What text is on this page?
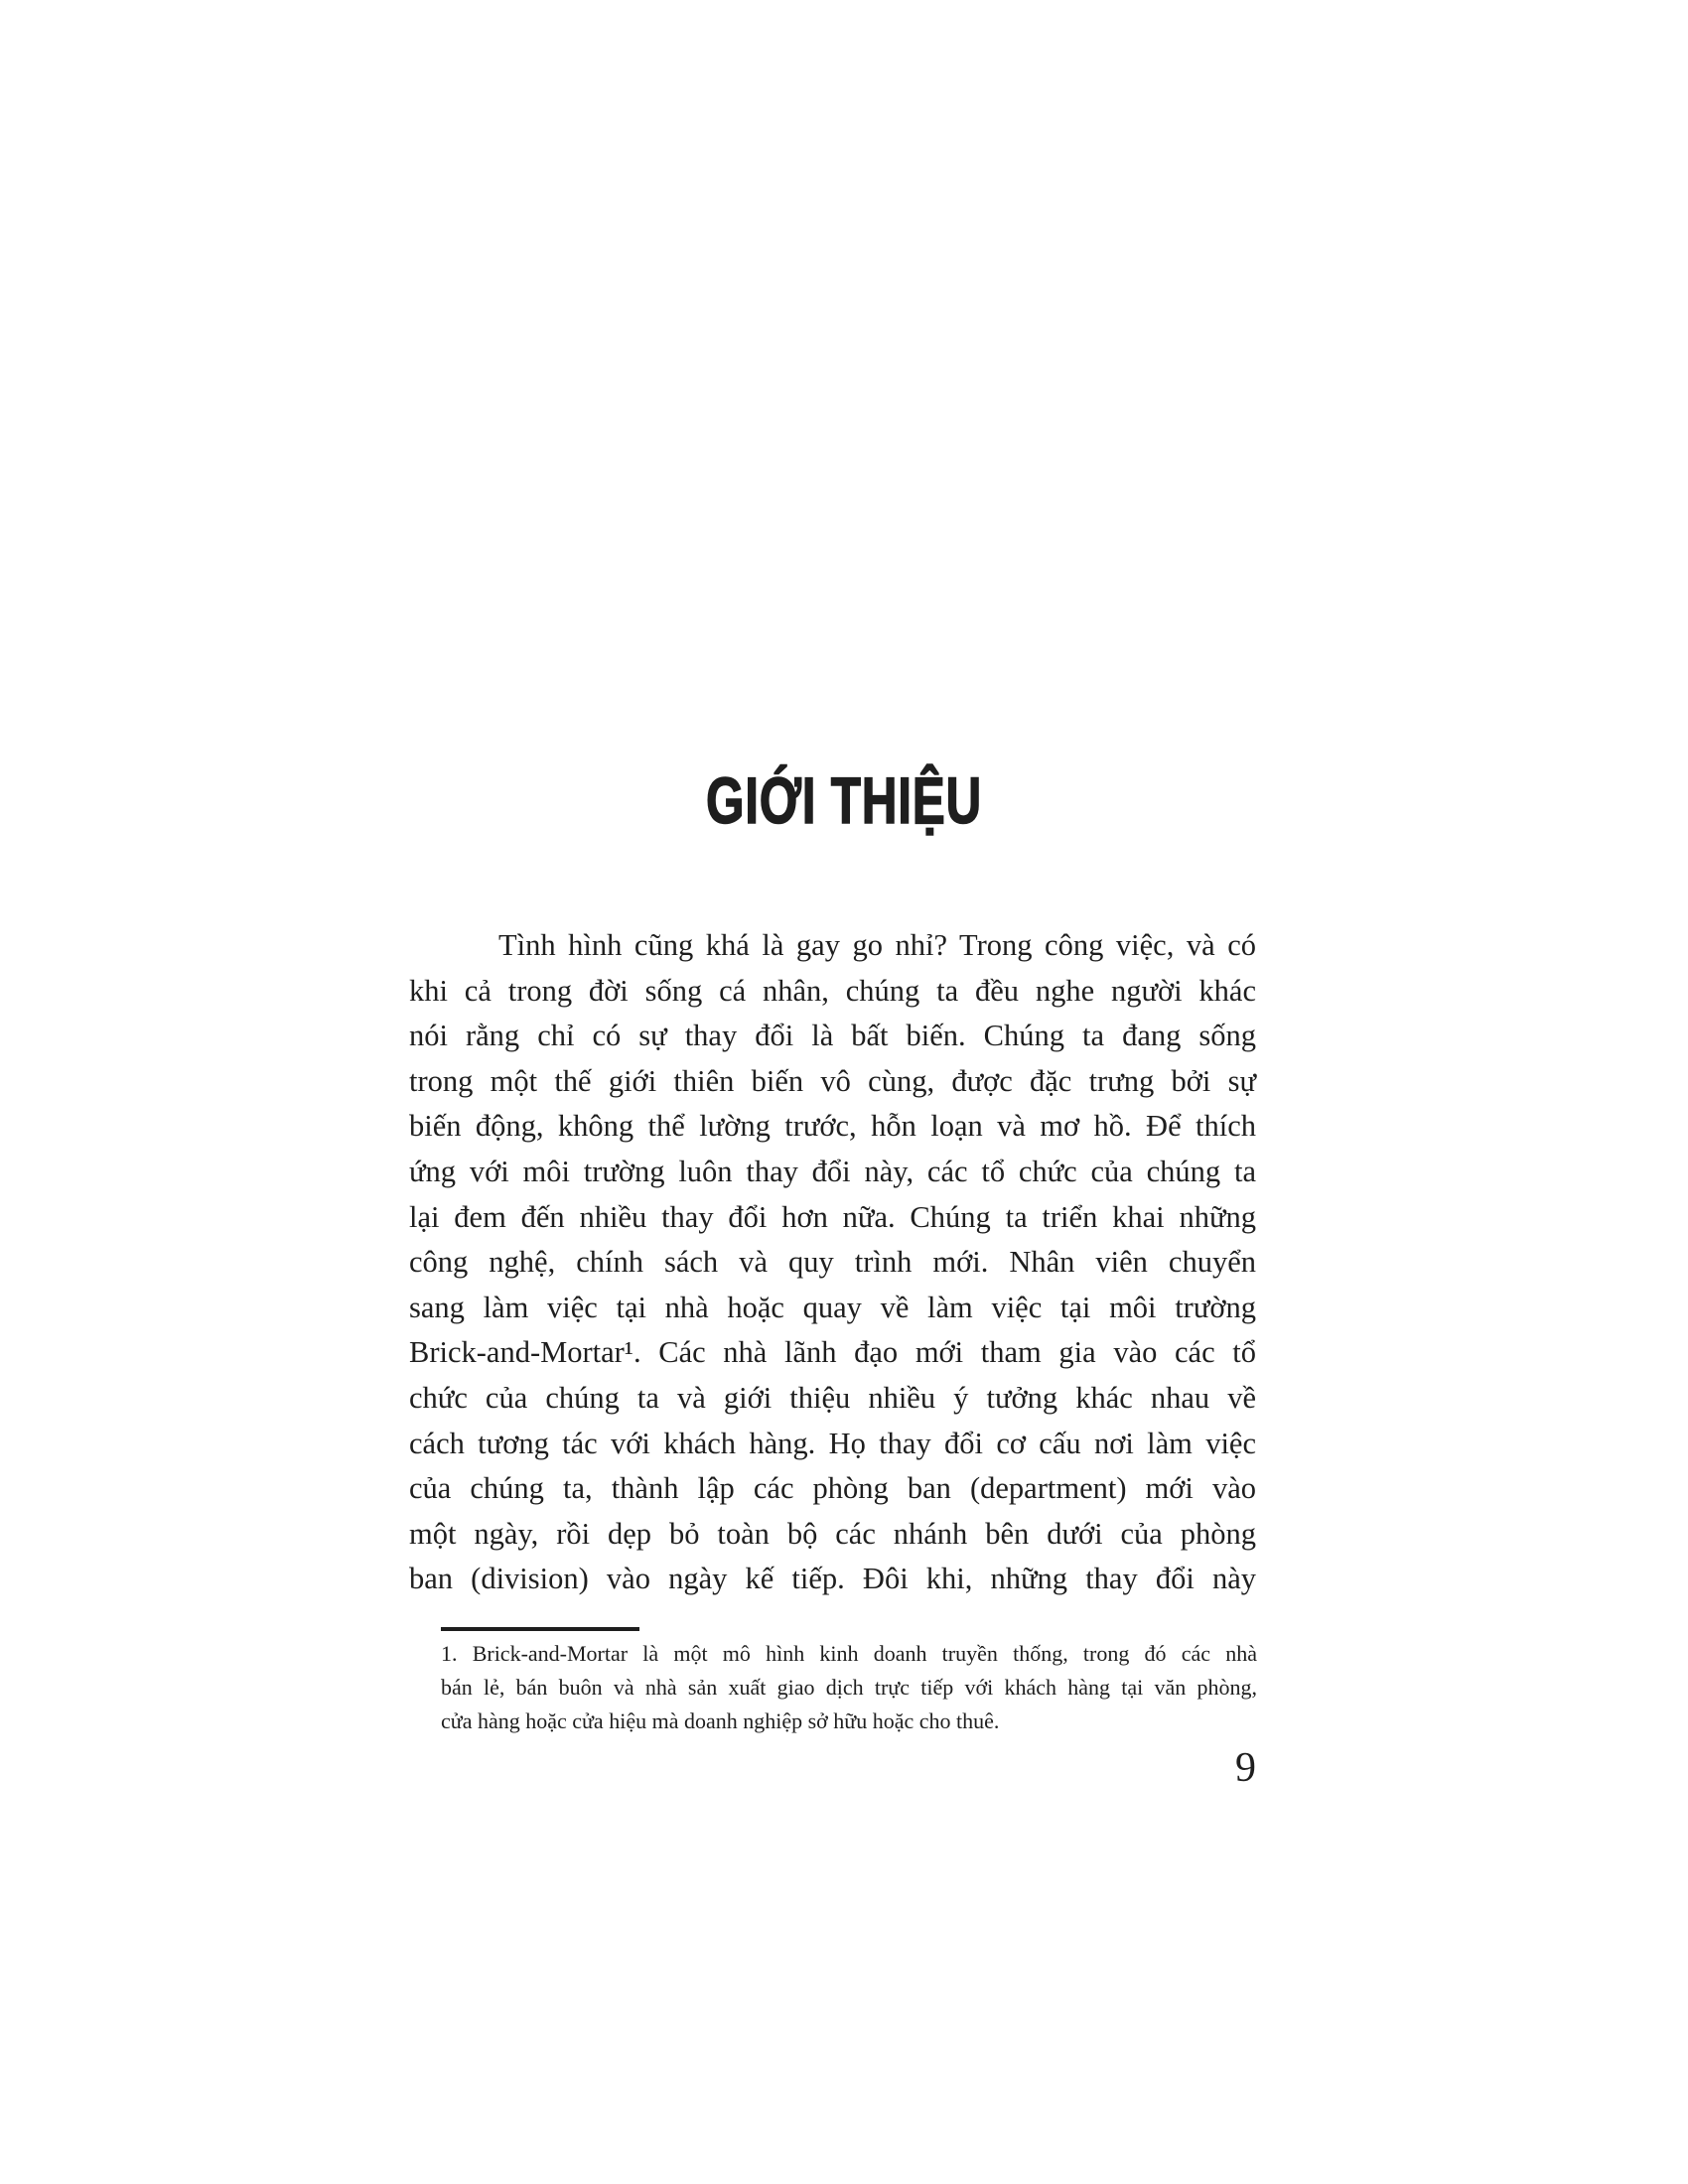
GIỚI THIỆU
Tình hình cũng khá là gay go nhỉ? Trong công việc, và có
khi cả trong đời sống cá nhân, chúng ta đều nghe người khác
nói rằng chỉ có sự thay đổi là bất biến. Chúng ta đang sống
trong một thế giới thiên biến vô cùng, được đặc trưng bởi sự
biến động, không thể lường trước, hỗn loạn và mơ hồ. Để thích
ứng với môi trường luôn thay đổi này, các tổ chức của chúng ta
lại đem đến nhiều thay đổi hơn nữa. Chúng ta triển khai những
công nghệ, chính sách và quy trình mới. Nhân viên chuyển
sang làm việc tại nhà hoặc quay về làm việc tại môi trường
Brick-and-Mortar¹. Các nhà lãnh đạo mới tham gia vào các tổ
chức của chúng ta và giới thiệu nhiều ý tưởng khác nhau về
cách tương tác với khách hàng. Họ thay đổi cơ cấu nơi làm việc
của chúng ta, thành lập các phòng ban (department) mới vào
một ngày, rồi dẹp bỏ toàn bộ các nhánh bên dưới của phòng
ban (division) vào ngày kế tiếp. Đôi khi, những thay đổi này
1. Brick-and-Mortar là một mô hình kinh doanh truyền thống, trong đó các nhà
bán lẻ, bán buôn và nhà sản xuất giao dịch trực tiếp với khách hàng tại văn phòng,
cửa hàng hoặc cửa hiệu mà doanh nghiệp sở hữu hoặc cho thuê.
9
